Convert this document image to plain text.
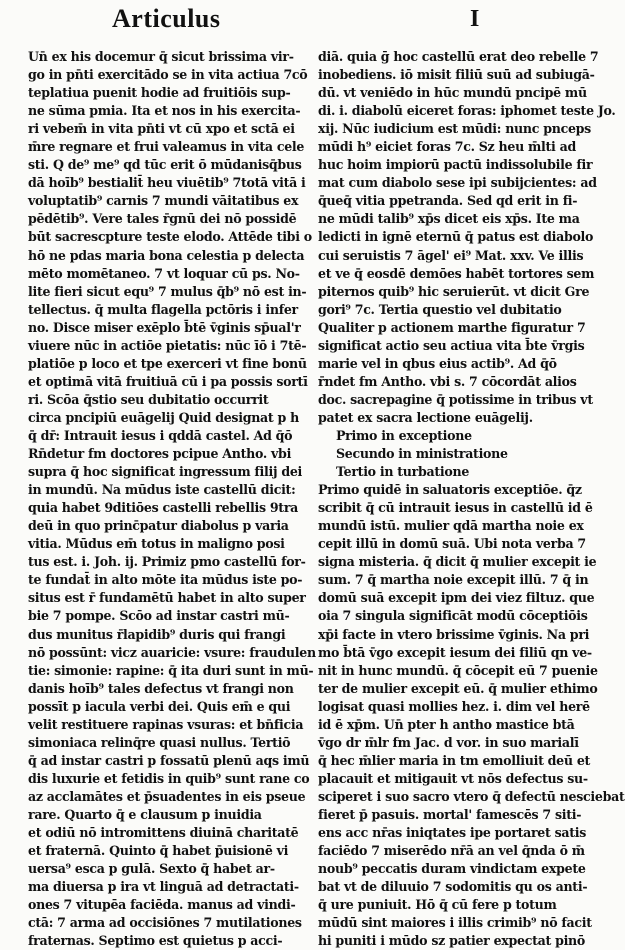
Articulus	I
Un̄ ex his docemur q̄ sicut brissima vir-
go in pn̄ti exercitādo se in vita actiua 7cō
teplatiua puenit hodie ad fruitiōis sup-
ne sūma pmia. Ita et nos in his exercita-
ri vebem̄ in vita pn̄ti vt cū xpo et sctā ei
m̄re regnare et frui valeamus in vita cele
sti. Q de⁹ me⁹ qd tūc erit ō mūdanisq̄bus
dā hoīb⁹ bestialit̄ heu viuētib⁹ 7totā vitā i
voluptatib⁹ carnis 7 mundi vāitatibus ex
pēdētib⁹. Vere tales r̄gnū dei nō possidē
būt sacrescpture teste elodo. Attēde tibi o
hō ne pdas maria bona celestia p delecta
mēto momētaneo. 7 vt loquar cū ps. No-
lite fieri sicut equ⁹ 7 mulus q̄b⁹ nō est in-
tellectus. q̄ multa flagella pctōris i infer
no. Disce miser exēplo b̄tē v̄ginis sp̄ual'r
viuere nūc in actiōe pietatis: nūc īō i 7tē-
platiōe p loco et tpe exerceri vt fine bonū
et optimā vitā fruitiuā cū i pa possis sortī
ri. Scōa q̄stio seu dubitatio occurrit
circa pncipiū euāgelij Quid designat p h
q̄ dr̄: Intrauit iesus i qddā castel. Ad q̄ō
Rn̄detur fm doctores pcipue Antho. vbi
supra q̄ hoc significat ingressum filij dei
in mundū. Na mūdus iste castellū dicit:
quia habet 9ditiōes castelli rebellis 9tra
deū in quo princ̄patur diabolus p varia
vitia. Mūdus em̄ totus in maligno posi
tus est. i. Joh. ij. Primiz pmo castellū for-
te fundat̄ in alto mōte ita mūdus iste po-
situs est r̄ fundamētū habet in alto super
bie 7 pompe. Scōo ad instar castri mū-
dus munitus r̄lapidib⁹ duris qui frangi
nō possūnt: vicz auaricie: vsure: fraudulen
tie: simonie: rapine: q̄ ita duri sunt in mū-
danis hoīb⁹ tales defectus vt frangi non
possīt p iacula verbi dei. Quis em̄ e qui
velit restituere rapinas vsuras: et bn̄ficia
simoniaca relinq̄re quasi nullus. Tertiō
q̄ ad instar castri p fossatū plenū aqs imū
dis luxurie et fetidis in quib⁹ sunt rane co
az acclamātes et p̄suadentes in eis pseue
rare. Quarto q̄ e clausum p inuidia
et odiū nō intromittens diuinā charitatē
et fraternā. Quinto q̄ habet p̄uisionē vi
uersa⁹ esca p gulā. Sexto q̄ habet ar-
ma diuersa p ira vt linguā ad detractati-
ones 7 vitupēa faciēda. manus ad vindi-
ctā: 7 arma ad occisiōnes 7 mutilationes
fraternas. Septimo est quietus p acci-
diā. quia ḡ hoc castellū erat deo rebelle 7
inobediens. iō misit filiū suū ad subiugā-
dū. vt veniēdo in hūc mundū pncipē mū
di. i. diabolū eiceret foras: iphomet teste Jo.
xij. Nūc iudicium est mūdi: nunc pnceps
mūdi h⁹ eiciet foras 7c. Sz heu m̄lti ad
huc hoim impiorū pactū indissolubile fir
mat cum diabolo sese ipi subijcientes: ad
q̄ueq̄ vitia ppetranda. Sed qd erit in fi-
ne mūdi talib⁹ xp̄s dicet eis xp̄s. Ite ma
ledicti in ignē eternū q̄ patus est diabolo
cui seruistis 7 āgel' ei⁹ Mat. xxv. Ve illis
et ve q̄ eosdē demōes habēt tortores sem
piternos quib⁹ hic seruierūt. vt dicit Gre
gori⁹ 7c. Tertia questio vel dubitatio
Qualiter p actionem marthe figuratur 7
significat actio seu actiua vita b̄te v̄rgis
marie vel in qbus eius actib⁹. Ad q̄ō
r̄ndet fm Antho. vbi s. 7 cōcordāt alios
doc. sacrepagine q̄ potissime in tribus vt
patet ex sacra lectione euāgelij.
Primo in exceptione
Secundo in ministratione
Tertio in turbatione
Primo quidē in saluatoris exceptiōe. q̄z
scribit q̄ cū intrauit iesus in castellū id ē
mundū istū. mulier qdā martha noie ex
cepit illū in domū suā. Ubi nota verba 7
signa misteria. q̄ dicit q̄ mulier excepit ie
sum. 7 q̄ martha noie excepit illū. 7 q̄ in
domū suā excepit ipm dei viez filtuz. que
oia 7 singula significāt modū cōceptiōis
xp̄i facte in vtero brissime v̄ginis. Na pri
mo b̄tā v̄go excepit iesum dei filiū qn ve-
nit in hunc mundū. q̄ cōcepit eū 7 puenie
ter de mulier excepit eū. q̄ mulier ethimo
logisat quasi mollies hez. i. dim vel herē
id ē xp̄m. Un̄ pter h antho mastice btā
v̄go dr m̄lr fm Jac. d vor. in suo marialī
q̄ hec m̄lier maria in tm emolliuit deū et
placauit et mitigauit vt nōs defectus su-
sciperet i suo sacro vtero q̄ defectū nesciebat
fieret p̄ pasuis. mortal' famescēs 7 siti-
ens acc nr̄as iniqtates ipe portaret satis
faciēdo 7 miserēdo nr̄ā an vel q̄nda ō m̄
noub⁹ peccatis duram vindictam expete
bat vt de diluuio 7 sodomitis qu os anti-
q̄ ure puniuit. Hō q̄ cū fere p totum
mūdū sint maiores i illis crimib⁹ nō facit
hi puniti i mūdo sz patier expectat pinō
